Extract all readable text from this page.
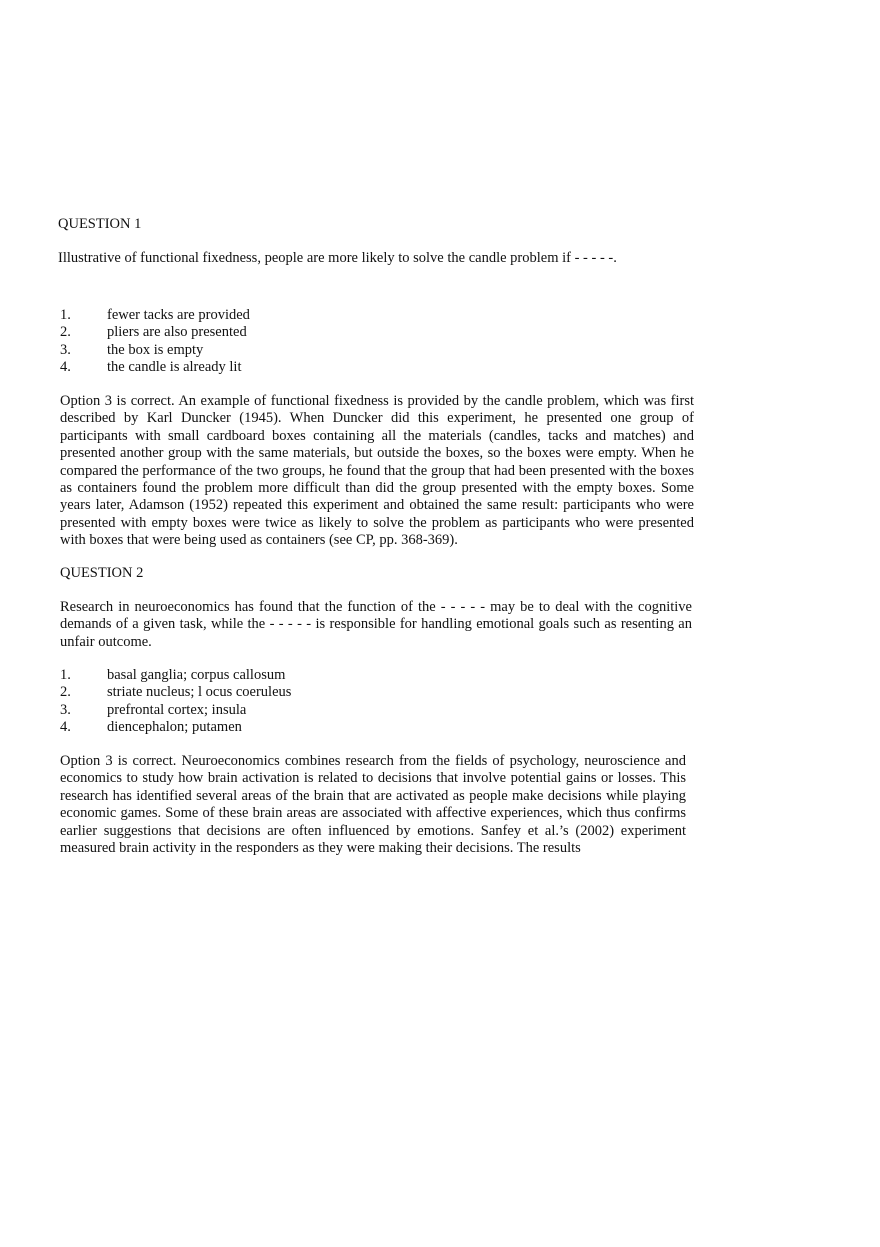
QUESTION 1

Illustrative of functional fixedness, people are more likely to solve the candle problem if - - - - -.

1. fewer tacks are provided
2. pliers are also presented
3. the box is empty
4. the candle is already lit

Option 3 is correct. An example of functional fixedness is provided by the candle problem, which was first described by Karl Duncker (1945). When Duncker did this experiment, he presented one group of participants with small cardboard boxes containing all the materials (candles, tacks and matches) and presented another group with the same materials, but outside the boxes, so the boxes were empty. When he compared the performance of the two groups, he found that the group that had been presented with the boxes as containers found the problem more difficult than did the group presented with the empty boxes. Some years later, Adamson (1952) repeated this experiment and obtained the same result: participants who were presented with empty boxes were twice as likely to solve the problem as participants who were presented with boxes that were being used as containers (see CP, pp. 368-369).

QUESTION 2

Research in neuroeconomics has found that the function of the - - - - - may be to deal with the cognitive demands of a given task, while the - - - - - is responsible for handling emotional goals such as resenting an unfair outcome.

1. basal ganglia; corpus callosum
2. striate nucleus; l ocus coeruleus
3. prefrontal cortex; insula
4. diencephalon; putamen

Option 3 is correct. Neuroeconomics combines research from the fields of psychology, neuroscience and economics to study how brain activation is related to decisions that involve potential gains or losses. This research has identified several areas of the brain that are activated as people make decisions while playing economic games. Some of these brain areas are associated with affective experiences, which thus confirms earlier suggestions that decisions are often influenced by emotions. Sanfey et al.’s (2002) experiment measured brain activity in the responders as they were making their decisions. The results
